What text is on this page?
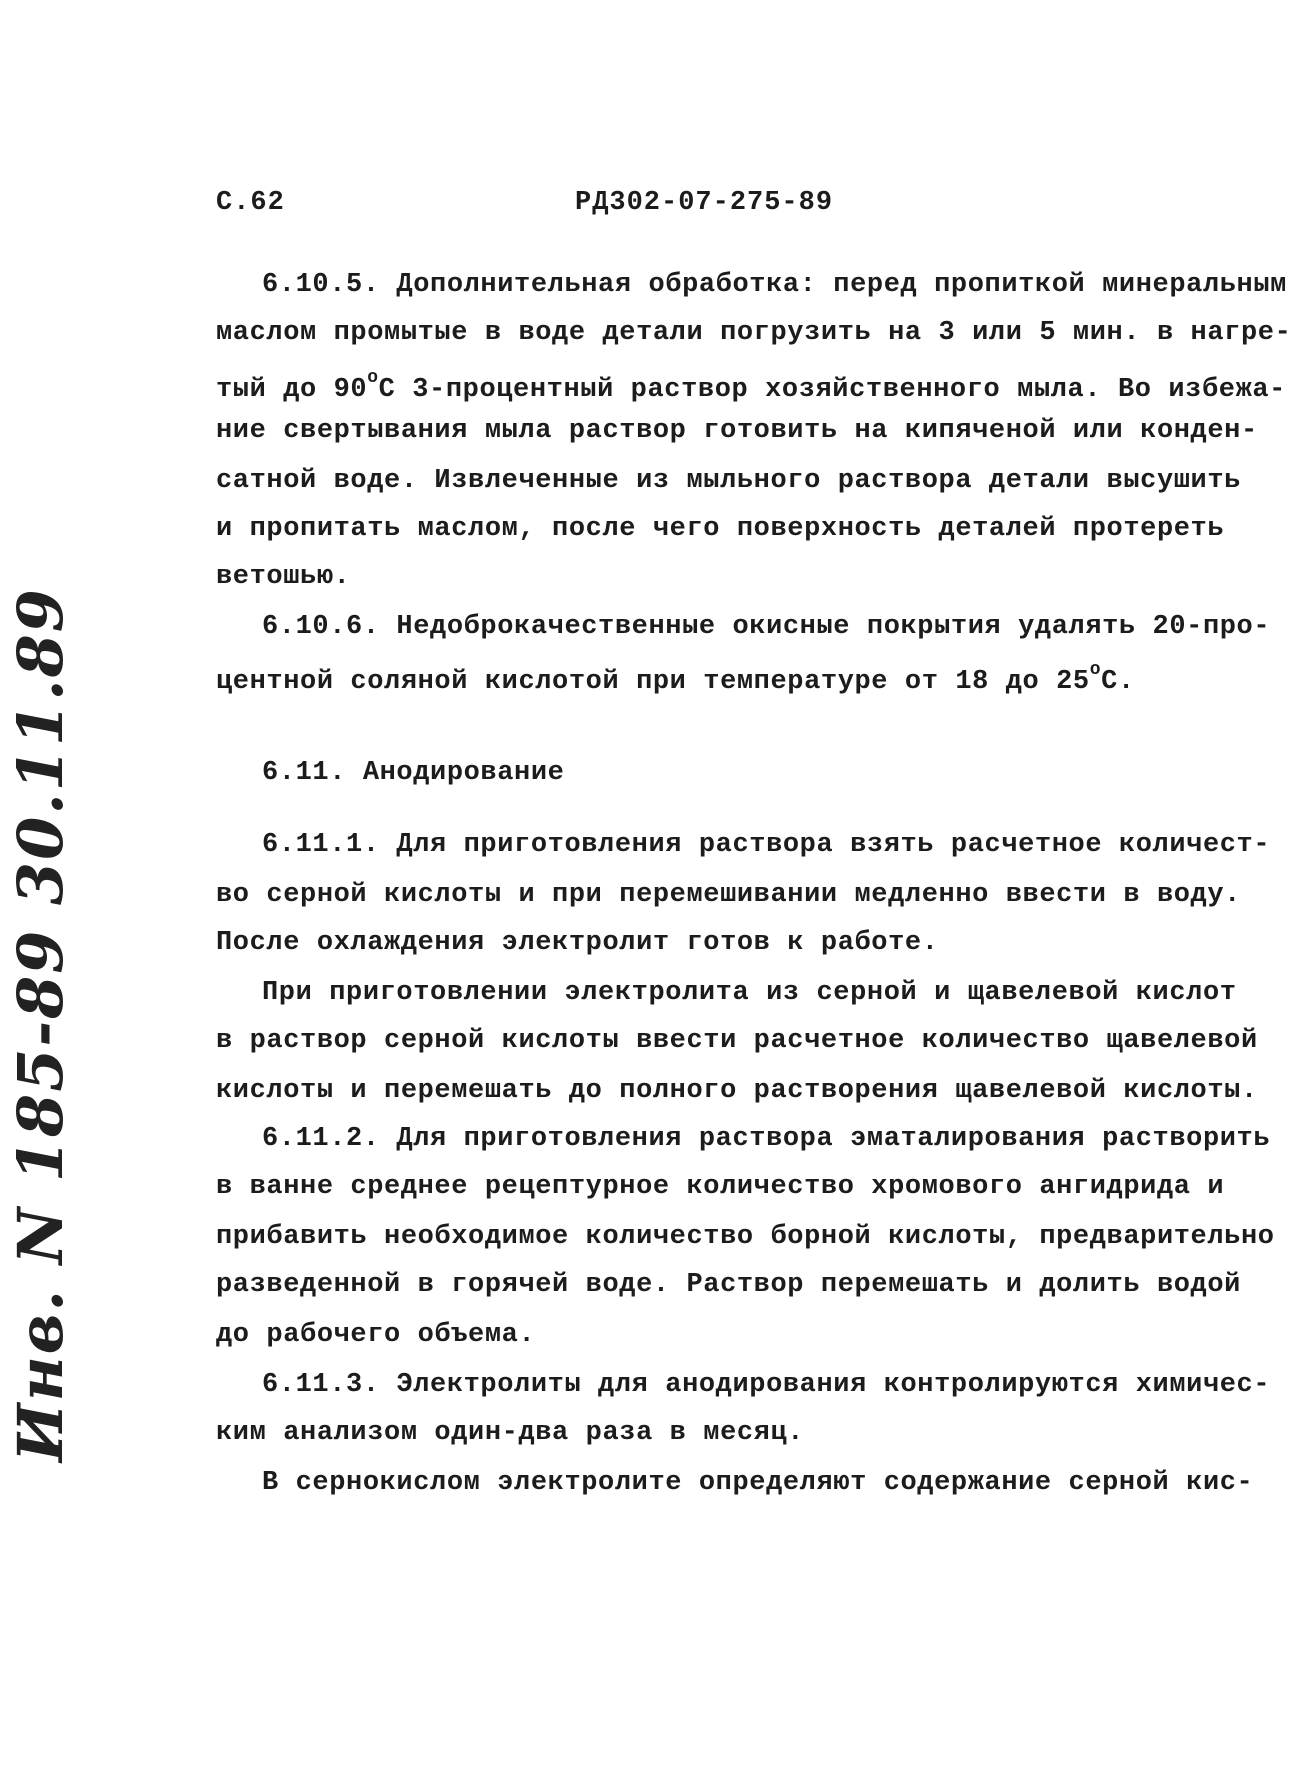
С.62	РД302-07-275-89
6.10.5. Дополнительная обработка: перед пропиткой минеральным
маслом промытые в воде детали погрузить на 3 или 5 мин. в нагре-
тый до $90^оС$ 3-процентный раствор хозяйственного мыла. Во избежа-
ние свертывания мыла раствор готовить на кипяченой или конден-
сатной воде. Извлеченные из мыльного раствора детали высушить
и пропитать маслом, после чего поверхность деталей протереть
ветошью.
6.10.6. Недоброкачественные окисные покрытия удалять 20-про-
центной соляной кислотой при температуре от 18 до $25^оС$.
6.11. Анодирование
6.11.1. Для приготовления раствора взять расчетное количест-
во серной кислоты и при перемешивании медленно ввести в воду.
После охлаждения электролит готов к работе.
При приготовлении электролита из серной и щавелевой кислот
в раствор серной кислоты ввести расчетное количество щавелевой
кислоты и перемешать до полного растворения щавелевой кислоты.
6.11.2. Для приготовления раствора эматалирования растворить
в ванне среднее рецептурное количество хромового ангидрида и
прибавить необходимое количество борной кислоты, предварительно
разведенной в горячей воде. Раствор перемешать и долить водой
до рабочего объема.
6.11.3. Электролиты для анодирования контролируются химичес-
ким анализом один-два раза в месяц.
В сернокислом электролите определяют содержание серной кис-
Инв. N 185-89 30.11.89
